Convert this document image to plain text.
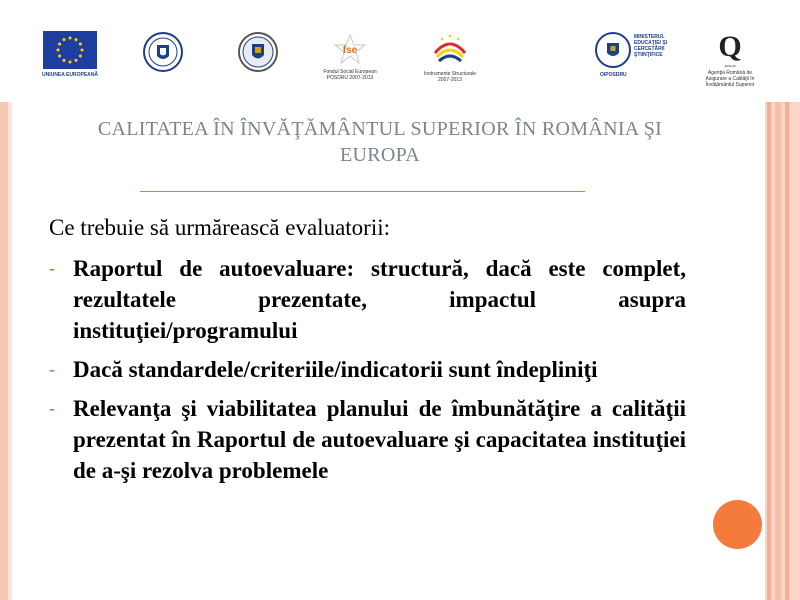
UNIUNEA EUROPEANĂ
fse
Fondul Social European
POSDRU 2007-2013
Instrumente Structurale
2007-2013
MINISTERUL
EDUCAŢIEI ŞI
CERCETĂRII
ŞTIINŢIFICE
OIPOSDRU
Q
ARACIS
Agenţia Română de
Asigurare a Calităţii în
Învăţământul Superior
CALITATEA ÎN ÎNVĂŢĂMÂNTUL SUPERIOR ÎN ROMÂNIA ŞI EUROPA
Ce trebuie să urmărească evaluatorii:
- Raportul de autoevaluare: structură, dacă este complet, rezultatele prezentate, impactul asupra instituţiei/programului
- Dacă standardele/criteriile/indicatorii sunt îndepliniţi
- Relevanţa şi viabilitatea planului de îmbunătăţire a calităţii prezentat în Raportul de autoevaluare şi capacitatea instituţiei de a-şi rezolva problemele
